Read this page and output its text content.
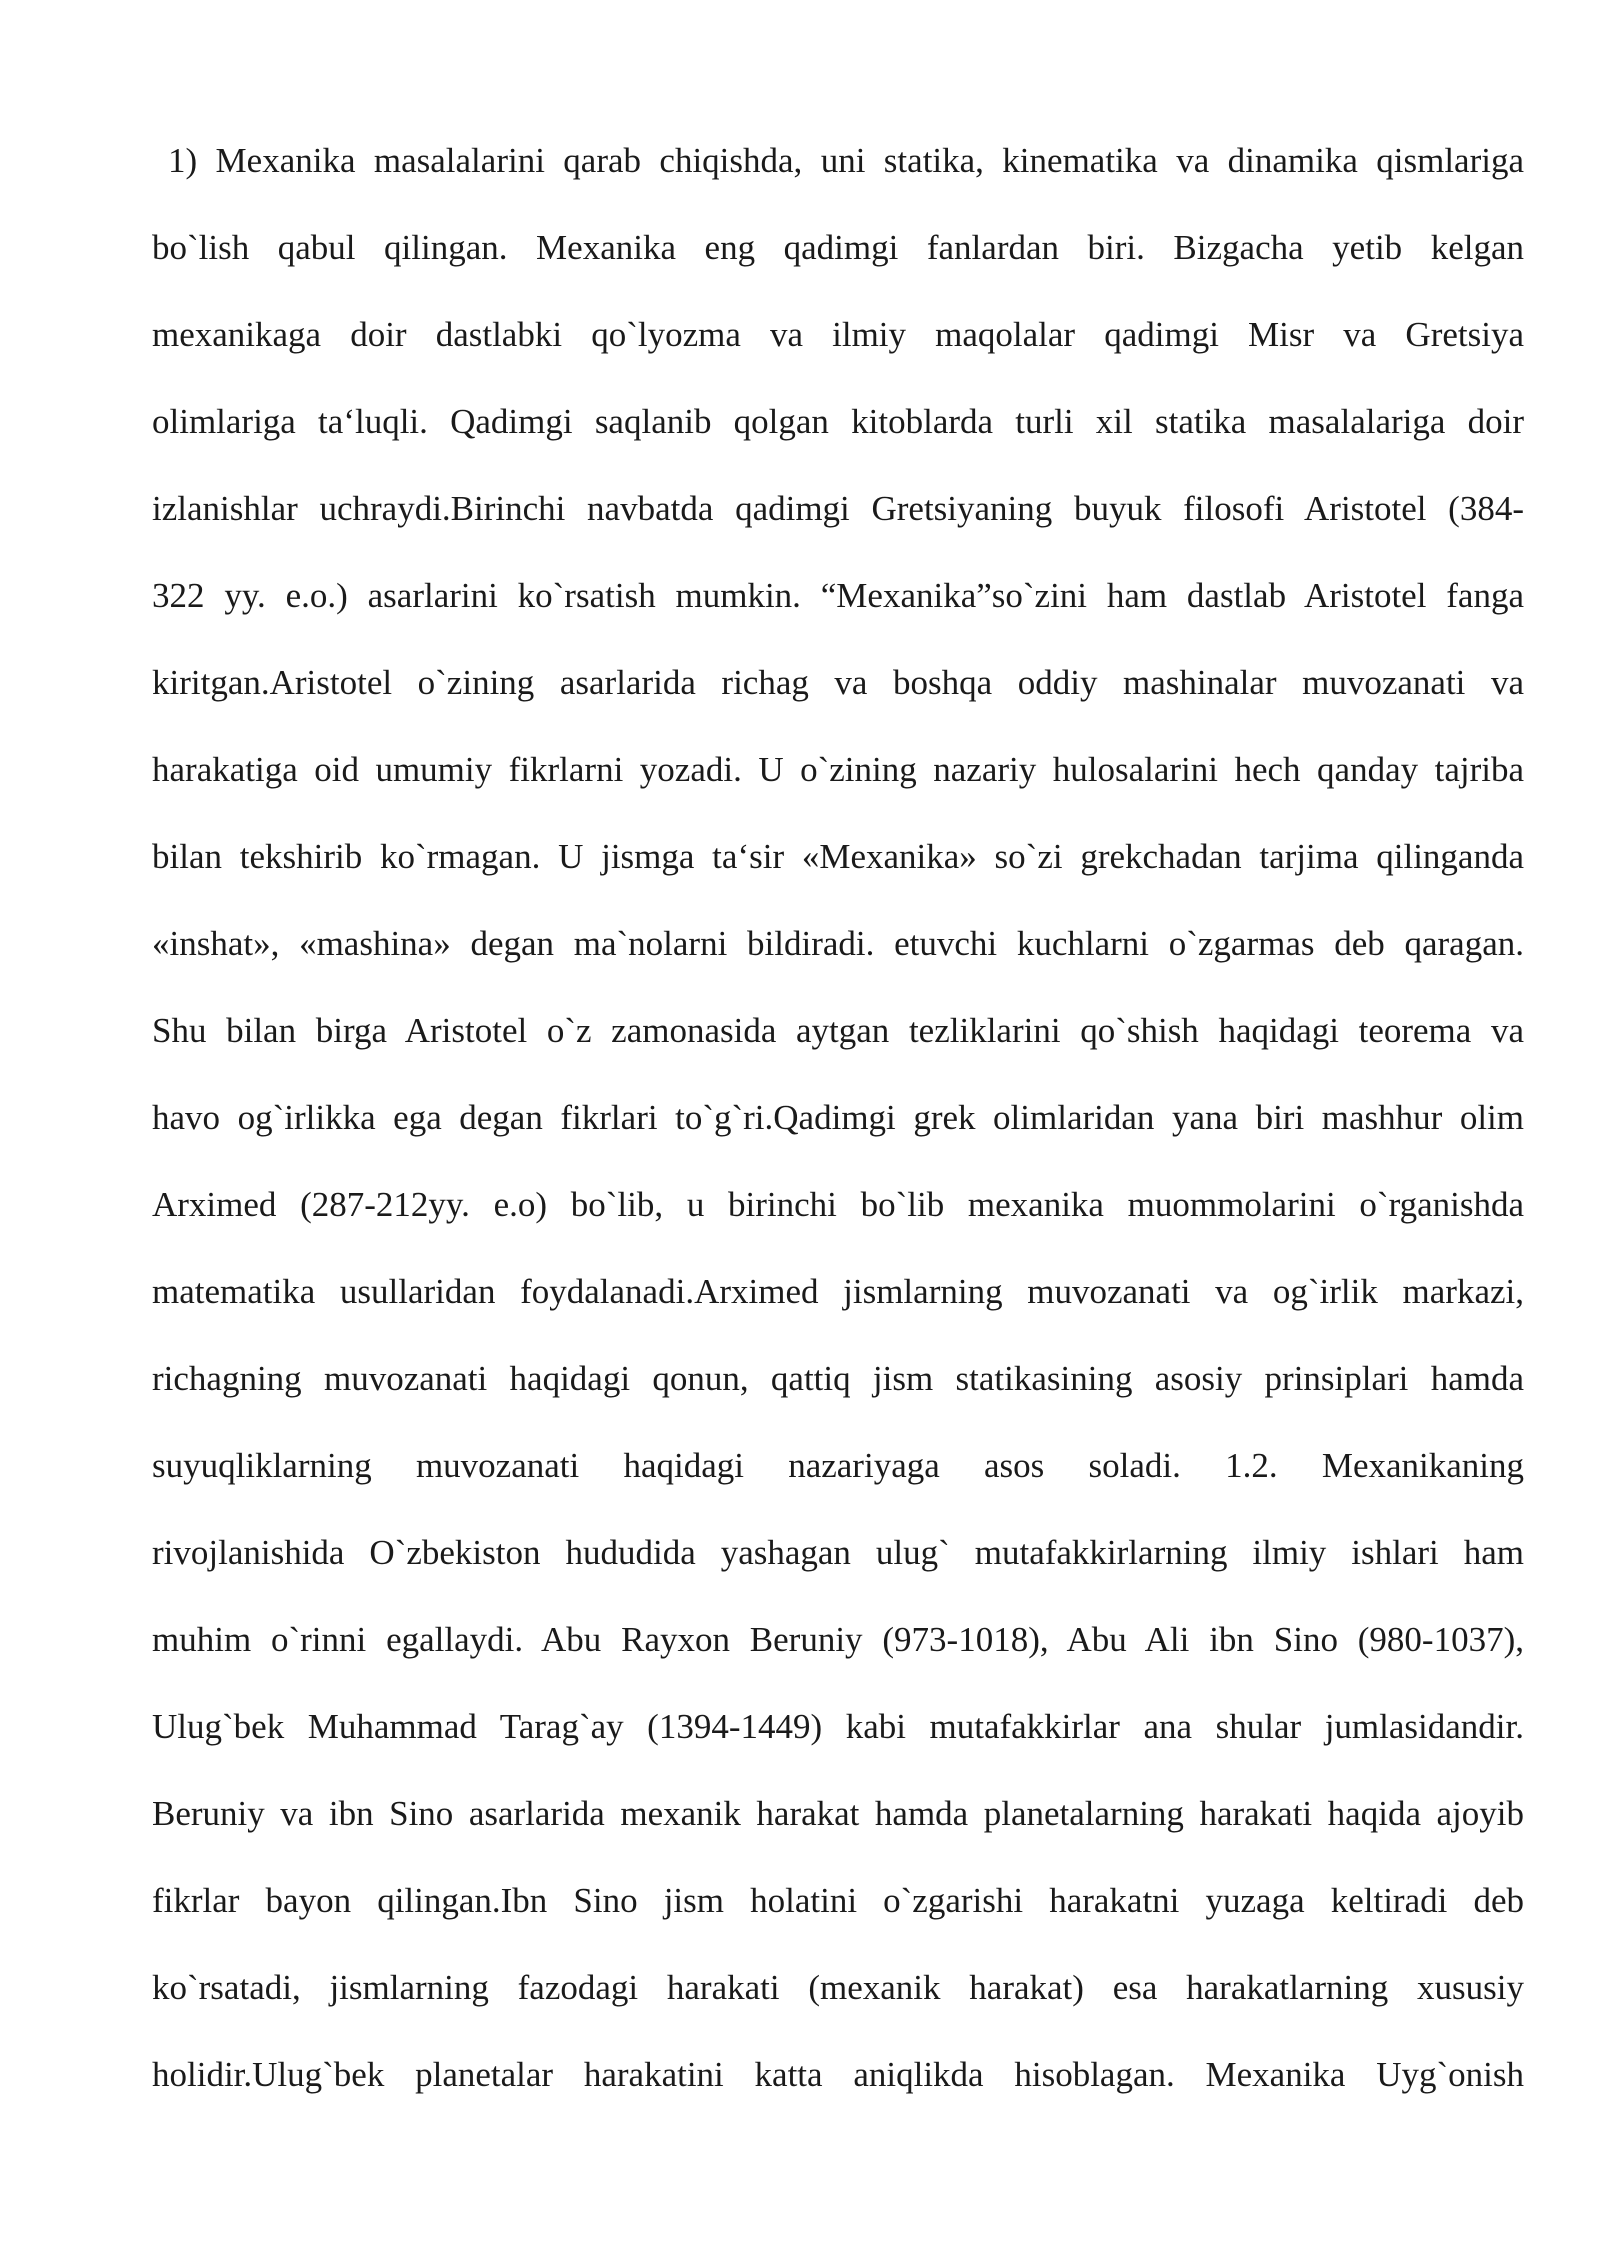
1) Mexanika masalalarini qarab chiqishda, uni statika, kinematika va dinamika qismlariga
bo`lish qabul qilingan. Mexanika eng qadimgi fanlardan biri. Bizgacha yetib kelgan
mexanikaga doir dastlabki qo`lyozma va ilmiy maqolalar qadimgi Misr va Gretsiya
olimlariga ta‘luqli. Qadimgi saqlanib qolgan kitoblarda turli xil statika masalalariga doir
izlanishlar uchraydi.Birinchi navbatda qadimgi Gretsiyaning buyuk filosofi Aristotel (384-
322 yy. e.o.) asarlarini ko`rsatish mumkin. “Mexanika”so`zini ham dastlab Aristotel fanga
kiritgan.Aristotel o`zining asarlarida richag va boshqa oddiy mashinalar muvozanati va
harakatiga oid umumiy fikrlarni yozadi. U o`zining nazariy hulosalarini hech qanday tajriba
bilan tekshirib ko`rmagan. U jismga ta‘sir «Mexanika» so`zi grekchadan tarjima qilinganda
«inshat», «mashina» degan ma`nolarni bildiradi. etuvchi kuchlarni o`zgarmas deb qaragan.
Shu bilan birga Aristotel o`z zamonasida aytgan tezliklarini qo`shish haqidagi teorema va
havo og`irlikka ega degan fikrlari to`g`ri.Qadimgi grek olimlaridan yana biri mashhur olim
Arximed (287-212yy. e.o) bo`lib, u birinchi bo`lib mexanika muommolarini o`rganishda
matematika usullaridan foydalanadi.Arximed jismlarning muvozanati va og`irlik markazi,
richagning muvozanati haqidagi qonun, qattiq jism statikasining asosiy prinsiplari hamda
suyuqliklarning muvozanati haqidagi nazariyaga asos soladi. 1.2. Mexanikaning
rivojlanishida O`zbekiston hududida yashagan ulug` mutafakkirlarning ilmiy ishlari ham
muhim o`rinni egallaydi. Abu Rayxon Beruniy (973-1018), Abu Ali ibn Sino (980-1037),
Ulug`bek Muhammad Tarag`ay (1394-1449) kabi mutafakkirlar ana shular jumlasidandir.
Beruniy va ibn Sino asarlarida mexanik harakat hamda planetalarning harakati haqida ajoyib
fikrlar bayon qilingan.Ibn Sino jism holatini o`zgarishi harakatni yuzaga keltiradi deb
ko`rsatadi, jismlarning fazodagi harakati (mexanik harakat) esa harakatlarning xususiy
holidir.Ulug`bek planetalar harakatini katta aniqlikda hisoblagan. Mexanika Uyg`onish
